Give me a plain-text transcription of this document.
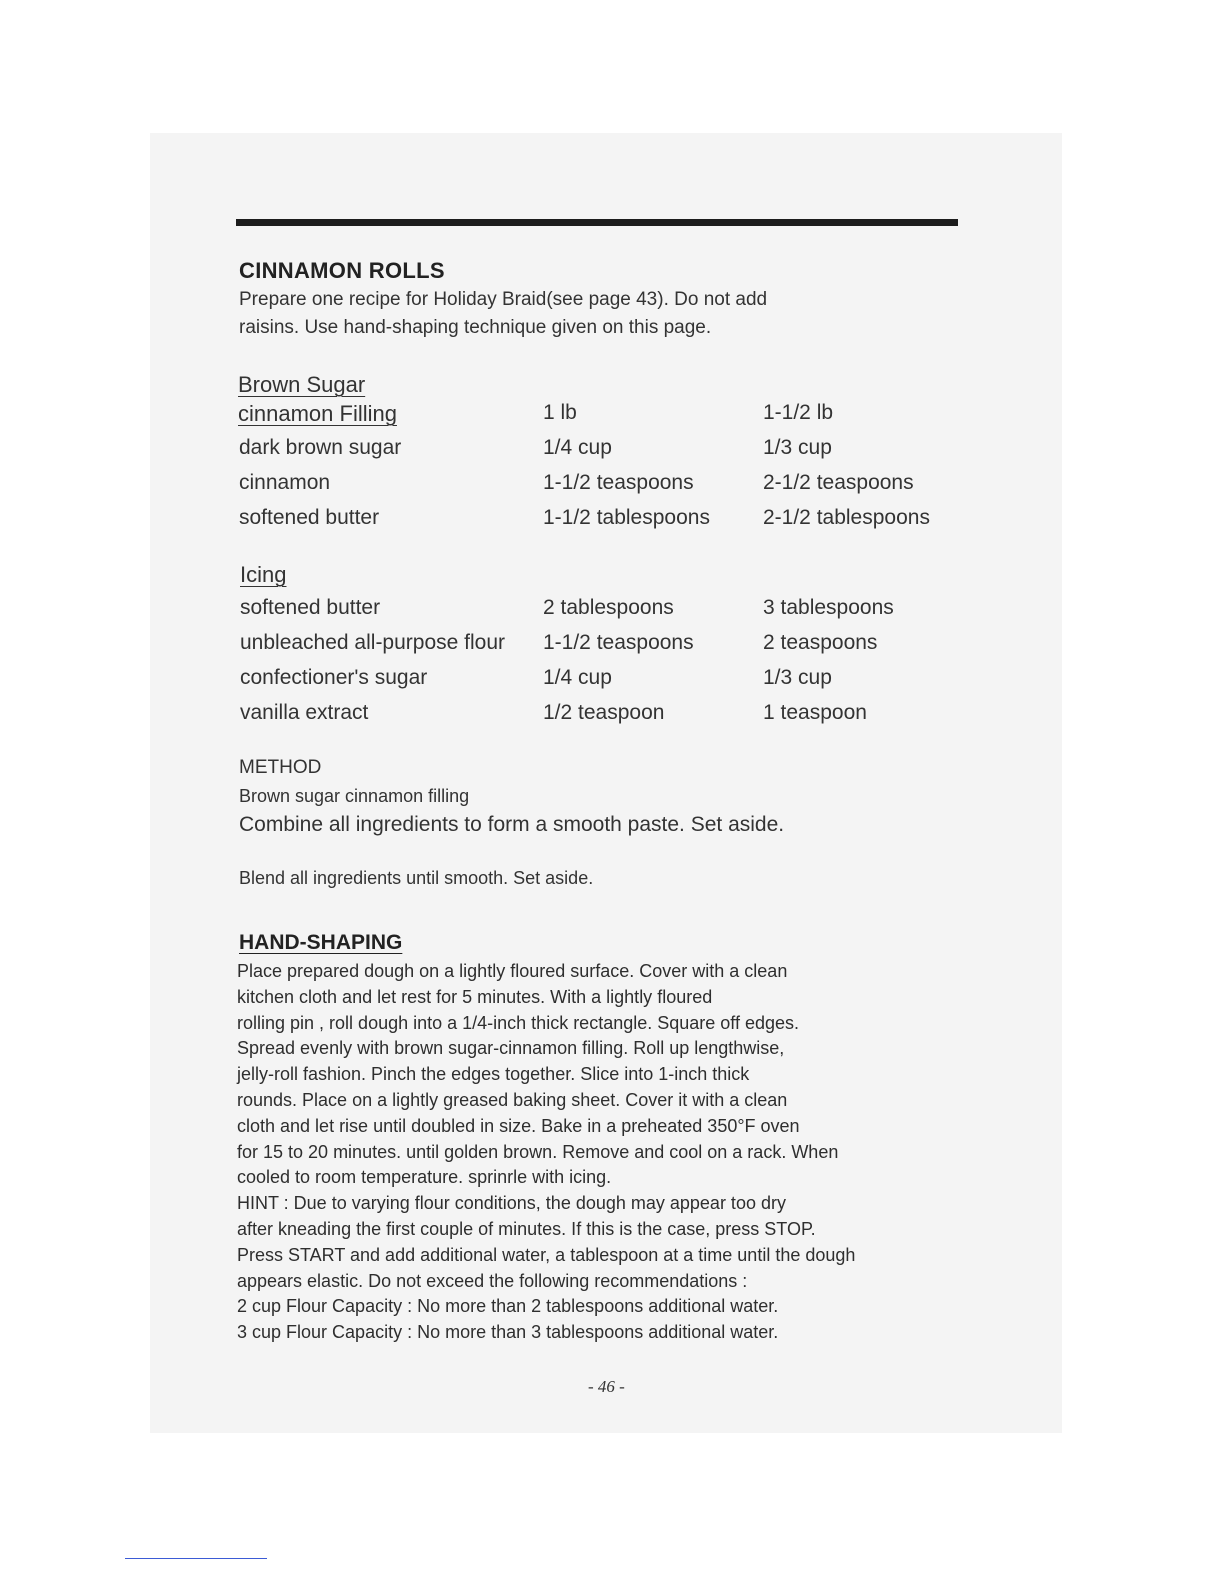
CINNAMON ROLLS
Prepare one recipe for Holiday Braid(see page 43). Do not add
raisins. Use hand-shaping technique given on this page.
Brown Sugar
cinnamon Filling	1 lb	1-1/2 lb
dark brown sugar	1/4 cup	1/3 cup
cinnamon	1-1/2 teaspoons	2-1/2 teaspoons
softened butter	1-1/2 tablespoons	2-1/2 tablespoons
Icing
softened butter	2 tablespoons	3 tablespoons
unbleached all-purpose flour 1-1/2 teaspoons	2 teaspoons
confectioner's sugar	1/4 cup	1/3 cup
vanilla extract	1/2 teaspoon	1 teaspoon
METHOD
Brown sugar cinnamon filling
Combine all ingredients to form a smooth paste. Set aside.
Blend all ingredients until smooth. Set aside.
HAND-SHAPING
Place prepared dough on a lightly floured surface. Cover with a clean
kitchen cloth and let rest for 5 minutes. With a lightly floured
rolling pin , roll dough into a 1/4-inch thick rectangle. Square off edges.
Spread evenly with brown sugar-cinnamon filling. Roll up lengthwise,
jelly-roll fashion. Pinch the edges together. Slice into 1-inch thick
rounds. Place on a lightly greased baking sheet. Cover it with a clean
cloth and let rise until doubled in size. Bake in a preheated 350°F oven
for 15 to 20 minutes. until golden brown. Remove and cool on a rack. When
cooled to room temperature. sprinrle with icing.
HINT : Due to varying flour conditions, the dough may appear too dry
after kneading the first couple of minutes. If this is the case, press STOP.
Press START and add additional water, a tablespoon at a time until the dough
appears elastic. Do not exceed the following recommendations :
2 cup Flour Capacity : No more than 2 tablespoons additional water.
3 cup Flour Capacity : No more than 3 tablespoons additional water.
- 46 -
